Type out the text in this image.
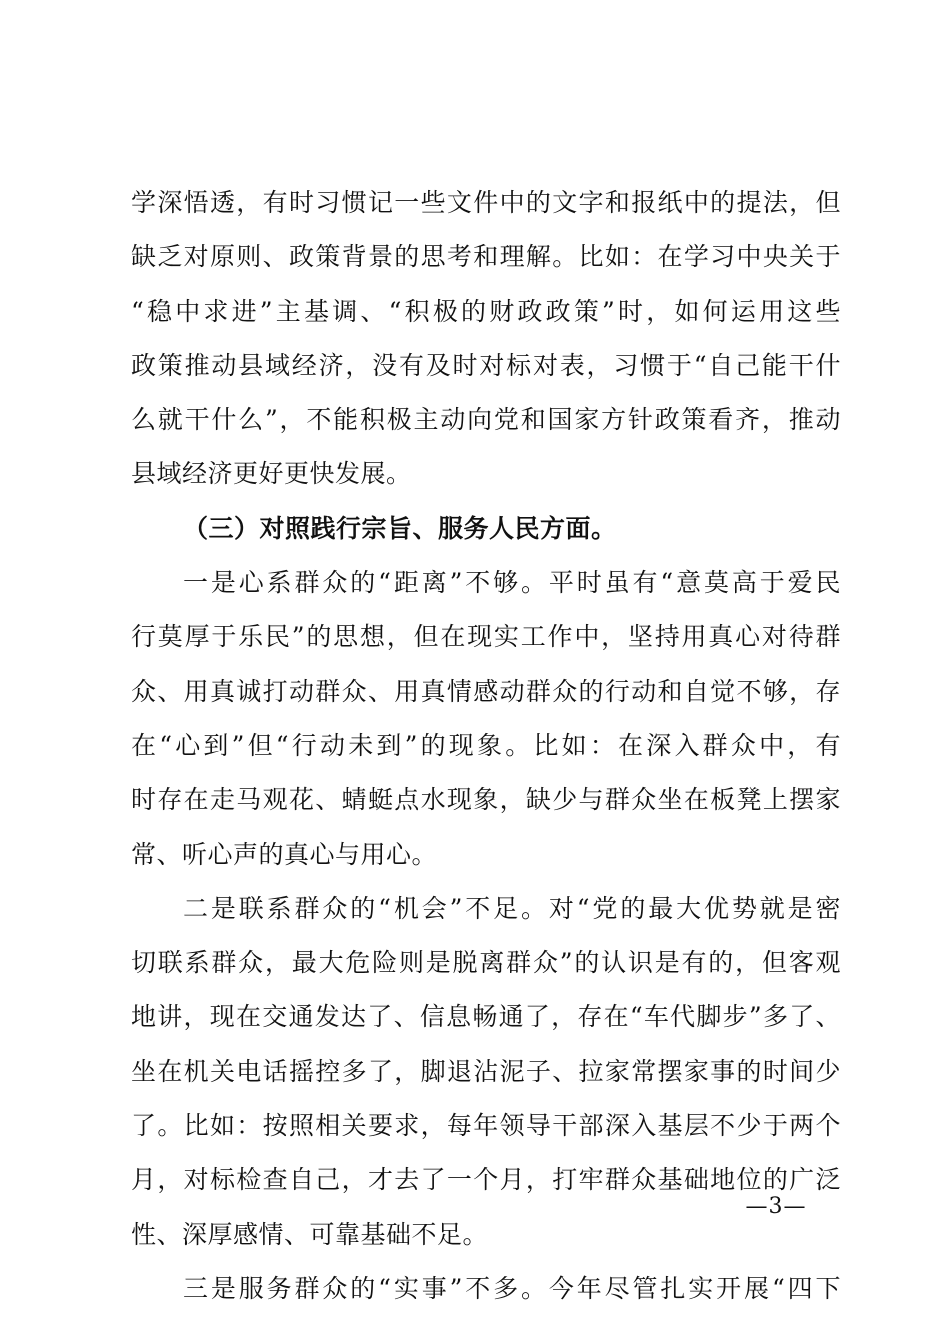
学深悟透，有时习惯记一些文件中的文字和报纸中的提法，但
缺乏对原则、政策背景的思考和理解。比如：在学习中央关于
“稳中求进”主基调、“积极的财政政策”时，如何运用这些
政策推动县域经济，没有及时对标对表，习惯于“自己能干什
么就干什么”，不能积极主动向党和国家方针政策看齐，推动
县域经济更好更快发展。
（三）对照践行宗旨、服务人民方面。
一是心系群众的“距离”不够。平时虽有“意莫高于爱民
行莫厚于乐民”的思想，但在现实工作中，坚持用真心对待群
众、用真诚打动群众、用真情感动群众的行动和自觉不够，存
在“心到”但“行动未到”的现象。比如：在深入群众中，有
时存在走马观花、蜻蜓点水现象，缺少与群众坐在板凳上摆家
常、听心声的真心与用心。
二是联系群众的“机会”不足。对“党的最大优势就是密
切联系群众，最大危险则是脱离群众”的认识是有的，但客观
地讲，现在交通发达了、信息畅通了，存在“车代脚步”多了、
坐在机关电话摇控多了，脚退沾泥子、拉家常摆家事的时间少
了。比如：按照相关要求，每年领导干部深入基层不少于两个
月，对标检查自己，才去了一个月，打牢群众基础地位的广泛
性、深厚感情、可靠基础不足。
三是服务群众的“实事”不多。今年尽管扎实开展“四下
—3—
